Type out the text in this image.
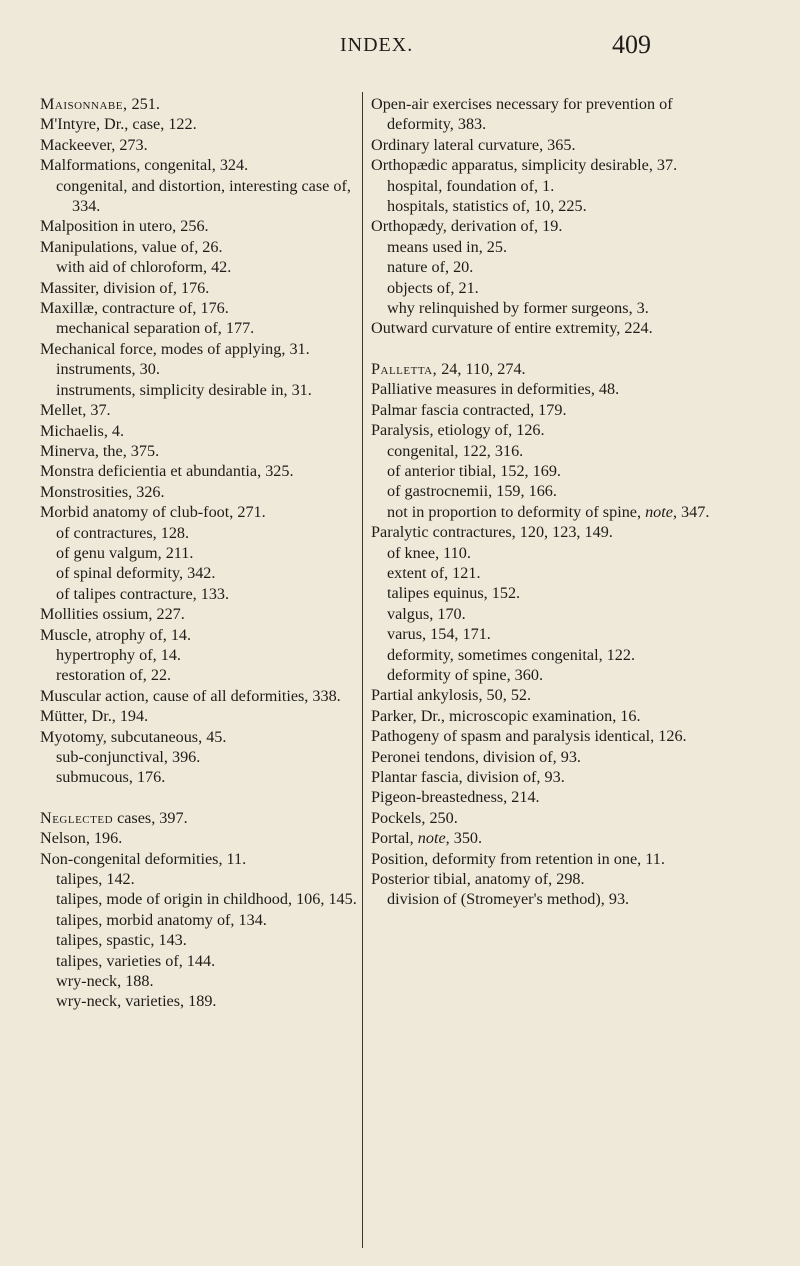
INDEX.	409
Maisonnabe, 251.
M'Intyre, Dr., case, 122.
Mackeever, 273.
Malformations, congenital, 324.
congenital, and distortion, interesting case of, 334.
Malposition in utero, 256.
Manipulations, value of, 26.
with aid of chloroform, 42.
Massiter, division of, 176.
Maxillæ, contracture of, 176.
mechanical separation of, 177.
Mechanical force, modes of applying, 31.
instruments, 30.
instruments, simplicity desirable in, 31.
Mellet, 37.
Michaelis, 4.
Minerva, the, 375.
Monstra deficientia et abundantia, 325.
Monstrosities, 326.
Morbid anatomy of club-foot, 271.
of contractures, 128.
of genu valgum, 211.
of spinal deformity, 342.
of talipes contracture, 133.
Mollities ossium, 227.
Muscle, atrophy of, 14.
hypertrophy of, 14.
restoration of, 22.
Muscular action, cause of all deformities, 338.
Mütter, Dr., 194.
Myotomy, subcutaneous, 45.
sub-conjunctival, 396.
submucous, 176.
Neglected cases, 397.
Nelson, 196.
Non-congenital deformities, 11.
talipes, 142.
talipes, mode of origin in childhood, 106, 145.
talipes, morbid anatomy of, 134.
talipes, spastic, 143.
talipes, varieties of, 144.
wry-neck, 188.
wry-neck, varieties, 189.
Open-air exercises necessary for prevention of deformity, 383.
Ordinary lateral curvature, 365.
Orthopædic apparatus, simplicity desirable, 37.
hospital, foundation of, 1.
hospitals, statistics of, 10, 225.
Orthopædy, derivation of, 19.
means used in, 25.
nature of, 20.
objects of, 21.
why relinquished by former surgeons, 3.
Outward curvature of entire extremity, 224.
Palletta, 24, 110, 274.
Palliative measures in deformities, 48.
Palmar fascia contracted, 179.
Paralysis, etiology of, 126.
congenital, 122, 316.
of anterior tibial, 152, 169.
of gastrocnemii, 159, 166.
not in proportion to deformity of spine, note, 347.
Paralytic contractures, 120, 123, 149.
of knee, 110.
extent of, 121.
talipes equinus, 152.
valgus, 170.
varus, 154, 171.
deformity, sometimes congenital, 122.
deformity of spine, 360.
Partial ankylosis, 50, 52.
Parker, Dr., microscopic examination, 16.
Pathogeny of spasm and paralysis identical, 126.
Peronei tendons, division of, 93.
Plantar fascia, division of, 93.
Pigeon-breastedness, 214.
Pockels, 250.
Portal, note, 350.
Position, deformity from retention in one, 11.
Posterior tibial, anatomy of, 298.
division of (Stromeyer's method), 93.
